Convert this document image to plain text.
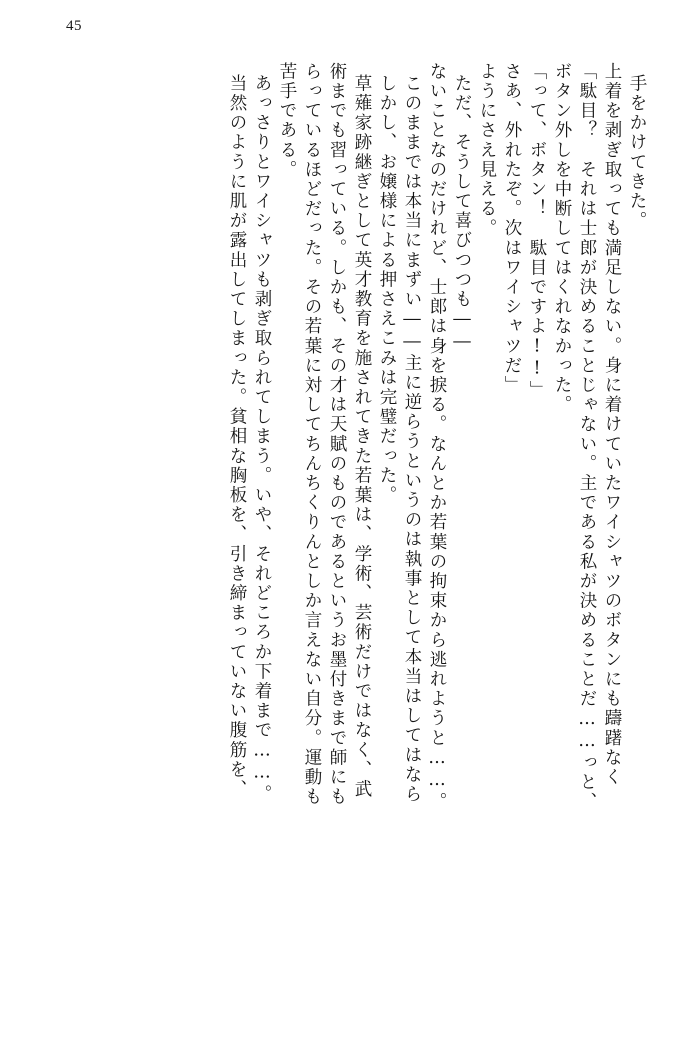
45
手をかけてきた。
上着を剥ぎ取っても満足しない。身に着けていたワイシャツのボタンにも躊躇なく
「駄目？　それは士郎が決めることじゃない。主である私が決めることだ……っと、
ボタン外しを中断してはくれなかった。
「って、ボタン！　駄目ですよ!!」
さあ、外れたぞ。次はワイシャツだ」
ようにさえ見える。
ただ、そうして喜びつつも――
ないことなのだけれど、士郎は身を捩る。なんとか若葉の拘束から逃れようと……。
このままでは本当にまずい――主に逆らうというのは執事として本当はしてはなら
しかし、お嬢様による押さえこみは完璧だった。
草薙家跡継ぎとして英才教育を施されてきた若葉は、学術、芸術だけではなく、武
術までも習っている。しかも、その才は天賦のものであるというお墨付きまで師にも
らっているほどだった。その若葉に対してちんちくりんとしか言えない自分。運動も
苦手である。
あっさりとワイシャツも剥ぎ取られてしまう。いや、それどころか下着まで……。
当然のように肌が露出してしまった。貧相な胸板を、引き締まっていない腹筋を、
